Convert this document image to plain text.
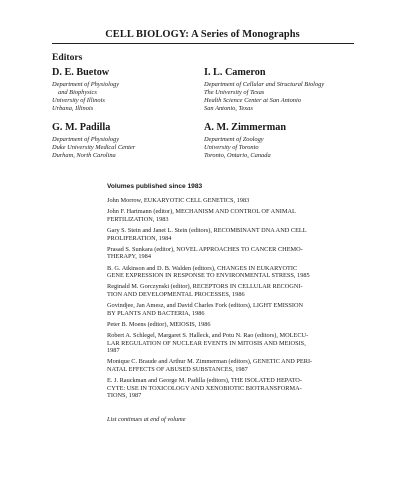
CELL BIOLOGY: A Series of Monographs
Editors
D. E. Buetow
Department of Physiology
and Biophysics
University of Illinois
Urbana, Illinois
I. L. Cameron
Department of Cellular and Structural Biology
The University of Texas
Health Science Center at San Antonio
San Antonio, Texas
G. M. Padilla
Department of Physiology
Duke University Medical Center
Durham, North Carolina
A. M. Zimmerman
Department of Zoology
University of Toronto
Toronto, Ontario, Canada
Volumes published since 1983
John Morrow, EUKARYOTIC CELL GENETICS, 1983
John F. Hartmann (editor), MECHANISM AND CONTROL OF ANIMAL
FERTILIZATION, 1983
Gary S. Stein and Janet L. Stein (editors), RECOMBINANT DNA AND CELL
PROLIFERATION, 1984
Prasad S. Sunkara (editor), NOVEL APPROACHES TO CANCER CHEMO-
THERAPY, 1984
B. G. Atkinson and D. B. Walden (editors), CHANGES IN EUKARYOTIC
GENE EXPRESSION IN RESPONSE TO ENVIRONMENTAL STRESS, 1985
Reginald M. Gorczynski (editor), RECEPTORS IN CELLULAR RECOGNI-
TION AND DEVELOPMENTAL PROCESSES, 1986
Govindjee, Jan Amesz, and David Charles Fork (editors), LIGHT EMISSION
BY PLANTS AND BACTERIA, 1986
Peter B. Moens (editor), MEIOSIS, 1986
Robert A. Schlegel, Margaret S. Halleck, and Potu N. Rao (editors), MOLECU-
LAR REGULATION OF NUCLEAR EVENTS IN MITOSIS AND MEIOSIS,
1987
Monique C. Braude and Arthur M. Zimmerman (editors), GENETIC AND PERI-
NATAL EFFECTS OF ABUSED SUBSTANCES, 1987
E. J. Rauckman and George M. Padilla (editors), THE ISOLATED HEPATO-
CYTE: USE IN TOXICOLOGY AND XENOBIOTIC BIOTRANSFORMA-
TIONS, 1987
List continues at end of volume
